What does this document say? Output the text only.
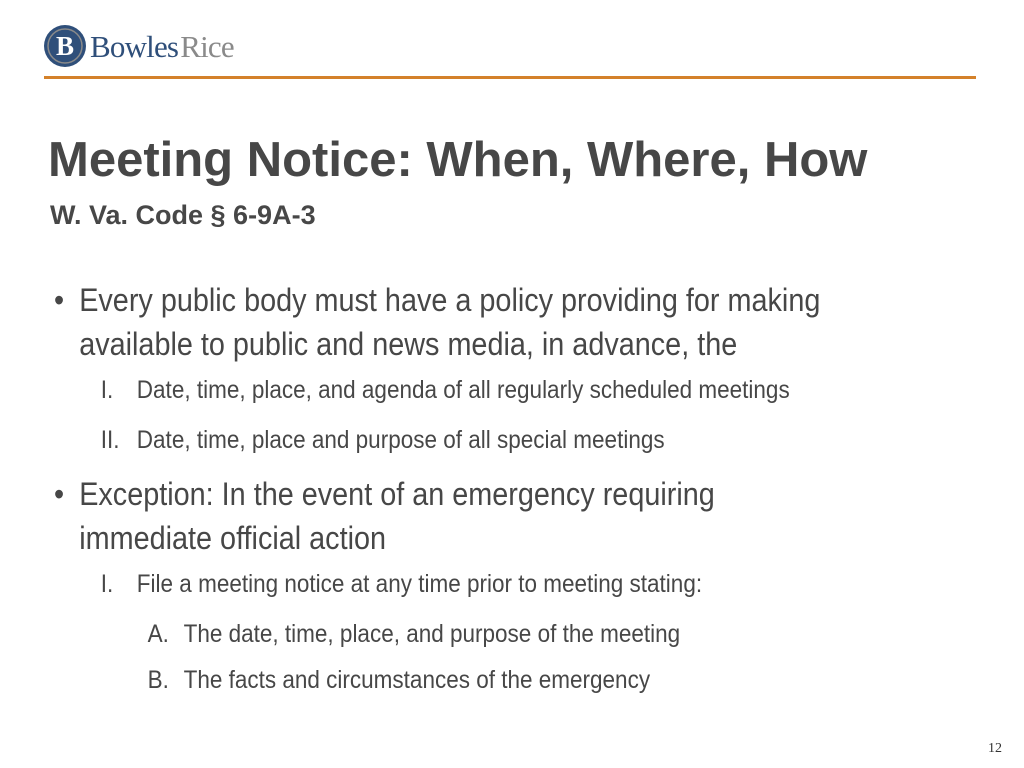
B BowlesRice
Meeting Notice: When, Where, How
W. Va. Code § 6-9A-3
• Every public body must have a policy providing for making available to public and news media, in advance, the
I. Date, time, place, and agenda of all regularly scheduled meetings
II. Date, time, place and purpose of all special meetings
• Exception: In the event of an emergency requiring immediate official action
I. File a meeting notice at any time prior to meeting stating:
A. The date, time, place, and purpose of the meeting
B. The facts and circumstances of the emergency
12
